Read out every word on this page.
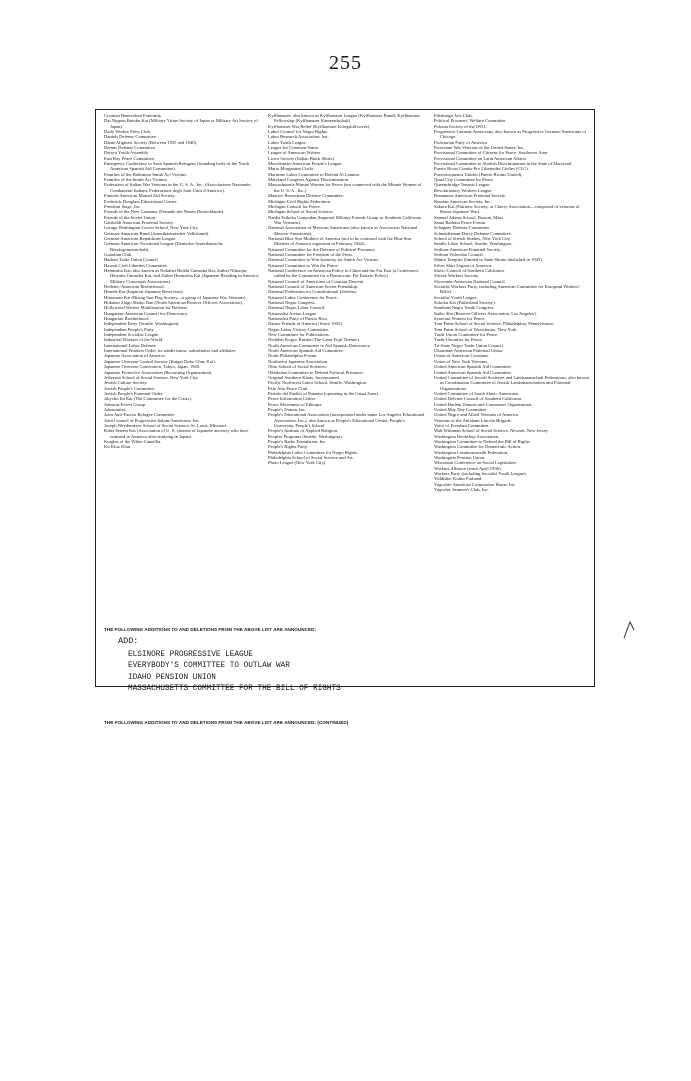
255
Croatian Benevolent Fraternity.
Dai Nippon Butoku Kai (Military Virtue Society of Japan or Military Art Society of Japan).
Daily Worker Press Club.
Daniels Defense Committee.
Dante Alighieri Society (Between 1935 and 1940).
Dennis Defense Committee.
Detroit Youth Assembly.
East Bay Peace Committee.
Emergency Conference to Save Spanish Refugees (founding body of the North American Spanish Aid Committee).
Families of the Baltimore Smith Act Victims.
Families of the Smith Act Victims.
Federation of Italian War Veterans in the U. S. A., Inc. (Associazione Nazionale Combattenti Italiani, Federazione degli Stati Uniti d'America).
Finnish-American Mutual Aid Society.
Frederick Douglass Educational Center.
Freedom Stage, Inc.
Friends of the New Germany (Freunde des Neuen Deutschlands).
Friends of the Soviet Union.
Garibaldi American Fraternal Society.
George Washington Carver School, New York City.
German-American Bund (Amerikadeutscher Volksbund).
German-American Republican League.
German-American Vocational League (Deutsche-Amerikanische Berufsgemeinschaft).
Guardian Club.
Harlem Trade Union Council.
Hawaii Civil Liberties Committee.
Heimushu Kai, also known as Nokubei Heieki Gimusha Kai, Zaibei Nihonjin, Heiyaku Gimusha Kai, and Zaibei Heimusha Kai (Japanese Residing in America Military Conscripts Association).
Hellenic-American Brotherhood.
Hinode Kai (Imperial Japanese Reservists).
Hinomaru Kai (Rising Sun Flag Society—a group of Japanese War Veterans).
Hokubei Zaigo Shoko Dan (North American Reserve Officers Association).
Hollywood Writers Mobilization for Defense.
Hungarian-American Council for Democracy.
Hungarian Brotherhood.
Independent Party (Seattle, Washington).
Independent People's Party.
Independent Socialist League.
Industrial Workers of the World.
International Labor Defense.
International Workers Order, its subdivisions, subsidiaries and affiliates.
Japanese Association of America.
Japanese Overseas Central Society (Kaigai Dobo Chuo Kai).
Japanese Overseas Convention, Tokyo, Japan, 1940.
Japanese Protective Association (Recruiting Organization).
Jefferson School of Social Science, New York City.
Jewish Culture Society.
Jewish People's Committee.
Jewish People's Fraternal Order.
Jikyoku Iin Kai (The Committee for the Crisis).
Johnson-Forest Group.
Johnsonites.
Joint Anti-Fascist Refugee Committee.
Joint Council of Progressive Italian-Americans, Inc.
Joseph Weydemeyer School of Social Science, St. Louis, Missouri.
Kibei Seinen Kai (Association of U. S. citizens of Japanese ancestry who have returned to America after studying in Japan).
Knights of the White Camellia.
Ku Klux Klan.
Kyffhaeuser, also known as Kyffhaeuser League (Kyffhaeuser Bund), Kyffhaeuser Fellowship (Kyffhaeuser Kameradschaft).
Kyffhaeuser War Relief (Kyffhaeuser Kriegshilfswerk).
Labor Council for Negro Rights.
Labor Research Association, Inc.
Labor Youth League.
League for Common Sense.
League of American Writers.
Lictor Society (Italian Black Shirts).
Macedonian-American People's League.
Mario Morgantini Circle.
Maritime Labor Committee to Defend Al Lannon.
Maryland Congress Against Discrimination.
Massachusetts Minute Women for Peace (not connected with the Minute Women of the U. S. A., Inc.)
Maurice Braverman Defense Committee.
Michigan Civil Rights Federation.
Michigan Council for Peace.
Michigan School of Social Science.
Nanka Teikoku Gunyudan (Imperial Military Friends Group or Southern California War Veterans).
National Association of Mexican Americans (also known as Asociacion Nacional Mexico-Americana).
National Blue Star Mothers of America (not to be confused with the Blue Star Mothers of America organized in February 1942).
National Committee for the Defense of Political Prisoners.
National Committee for Freedom of the Press.
National Committee to Win Amnesty for Smith Act Victims.
National Committee to Win the Peace.
National Conference on American Policy in China and the Far East (a Conference called by the Committee for a Democratic Far Eastern Policy).
National Council of Americans of Croatian Descent.
National Council of American Soviet Friendship.
National Federation for Constitutional Liberties.
National Labor Conference for Peace.
National Negro Congress.
National Negro Labor Council.
Nationalist Action League.
Nationalist Party of Puerto Rico.
Nature Friends of America (Since 1935).
Negro Labor Victory Committee.
New Committee for Publications.
Nichibei Kogyo Kaisha (The Great Fujii Theatre).
North American Committee to Aid Spanish Democracy.
North American Spanish Aid Committee.
North Philadelphia Forum.
Northwest Japanese Association.
Ohio School of Social Sciences.
Oklahoma Committee to Defend Political Prisoners.
Original Southern Klans, Incorporated.
Pacific Northwest Labor School, Seattle, Washington.
Palo Alto Peace Club.
Partido del Pueblo of Panama (operating in the Canal Zone).
Peace Information Center.
Peace Movement of Ethiopia.
People's Drama, Inc.
People's Educational Association (incorporated under name Los Angeles Educational Association, Inc.), also known as People's Educational Center, People's University, People's School.
People's Institute of Applied Religion.
Peoples Programs (Seattle, Washington).
People's Radio Foundation, Inc.
People's Rights Party.
Philadelphia Labor Committee for Negro Rights.
Philadelphia School of Social Science and Art.
Photo League (New York City).
Pittsburgh Arts Club.
Political Prisoners' Welfare Committee.
Polonia Society of the IWO.
Progressive German-Americans, also known as Progressive German-Americans of Chicago.
Proletarian Party of America.
Protestant War Veterans of the United States, Inc.
Provisional Committee of Citizens for Peace, Southwest Area.
Provisional Committee on Latin American Affairs.
Provisional Committee to Abolish Discrimination in the State of Maryland.
Puerto Rican Comite Pro Libertades Civiles (CLC).
Puertorriquenos Unidos (Puerto Ricans United).
Quad City Committee for Peace.
Queensbridge Tenants League.
Revolutionary Workers League.
Romanian-American Fraternal Society.
Russian American Society, Inc.
Sakura Kai (Patriotic Society, or Cherry Association—composed of veterans of Russo-Japanese War).
Samuel Adams School, Boston, Mass.
Santa Barbara Peace Forum.
Schappes Defense Committee.
Schneiderman-Darcy Defense Committee.
School of Jewish Studies, New York City.
Seattle Labor School, Seattle, Washington.
Serbian-American Fraternal Society.
Serbian Vidovdan Council.
Shinto Temples (limited to State Shinto abolished in 1945).
Silver Shirt Legion of America.
Slavic Council of Southern California.
Slovak Workers Society.
Slovenian-American National Council.
Socialist Workers Party, including American Committee for European Workers' Relief.
Socialist Youth League.
Sokoku Kai (Fatherland Society).
Southern Negro Youth Congress.
Suiko Sha (Reserve Officers Association, Los Angeles).
Syracuse Women for Peace.
Tom Paine School of Social Science, Philadelphia, Pennsylvania.
Tom Paine School of Westchester, New York.
Trade Union Committee for Peace.
Trade Unionists for Peace.
Tri-State Negro Trade Union Council.
Ukrainian-American Fraternal Union.
Union of American Croatians.
Union of New York Veterans.
United American Spanish Aid Committee.
United American Spanish Aid Committee.
United Committee of Jewish Societies and Landsmanschaft Federations, also known as Coordination Committee of Jewish Landsmanschaften and Fraternal Organizations.
United Committee of South Slavic Americans.
United Defense Council of Southern California.
United Harlem Tenants and Consumers Organization.
United May Day Committee.
United Negro and Allied Veterans of America.
Veterans of the Abraham Lincoln Brigade.
Voice of Freedom Committee.
Walt Whitman School of Social Science, Newark, New Jersey.
Washington Bookshop Association.
Washington Committee to Defend the Bill of Rights.
Washington Committee for Democratic Action.
Washington Commonwealth Federation.
Washington Pension Union.
Wisconsin Conference on Social Legislation.
Workers Alliance (since April 1936).
Workers Party (including Socialist Youth League).
Yiddisher Kultur Farband.
Yugoslav-American Cooperative Home, Inc.
Yugoslav Seamen's Club, Inc.
THE FOLLOWING ADDITIONS TO AND DELETIONS FROM THE ABOVE LIST ARE ANNOUNCED:
ADD:
ELSINORE PROGRESSIVE LEAGUE
EVERYBODY'S COMMITTEE TO OUTLAW WAR
IDAHO PENSION UNION
MASSACHUSETTS COMMITTEE FOR THE BILL OF RIGHTS
THE FOLLOWING ADDITIONS TO AND DELETIONS FROM THE ABOVE LIST ARE ANNOUNCED: (CONTINUED)
